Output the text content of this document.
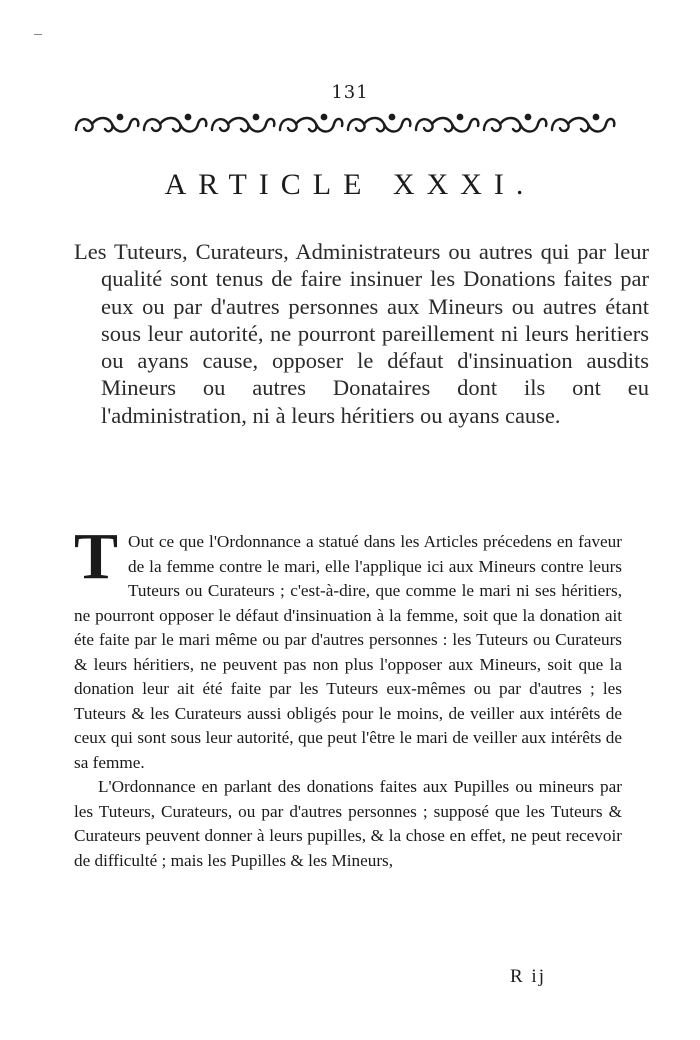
131
ARTICLE XXXI.
Les Tuteurs, Curateurs, Administrateurs ou autres qui par leur qualité sont tenus de faire insinuer les Donations faites par eux ou par d'autres personnes aux Mineurs ou autres étant sous leur autorité, ne pourront pareillement ni leurs heritiers ou ayans cause, opposer le défaut d'insinuation ausdits Mineurs ou autres Donataires dont ils ont eu l'administration, ni à leurs héritiers ou ayans cause.

T Out ce que l'Ordonnance a statué dans les Articles précedens en faveur de la femme contre le mari, elle l'applique ici aux Mineurs contre leurs Tuteurs ou Curateurs ; c'est-à-dire, que comme le mari ni ses héritiers, ne pourront opposer le défaut d'insinuation à la femme, soit que la donation ait éte faite par le mari même ou par d'autres personnes : les Tuteurs ou Curateurs & leurs héritiers, ne peuvent pas non plus l'opposer aux Mineurs, soit que la donation leur ait été faite par les Tuteurs eux-mêmes ou par d'autres ; les Tuteurs & les Curateurs aussi obligés pour le moins, de veiller aux intérêts de ceux qui sont sous leur autorité, que peut l'être le mari de veiller aux intérêts de sa femme.

L'Ordonnance en parlant des donations faites aux Pupilles ou mineurs par les Tuteurs, Curateurs, ou par d'autres personnes ; supposé que les Tuteurs & Curateurs peuvent donner à leurs pupilles, & la chose en effet, ne peut recevoir de difficulté ; mais les Pupilles & les Mineurs,

R ij
